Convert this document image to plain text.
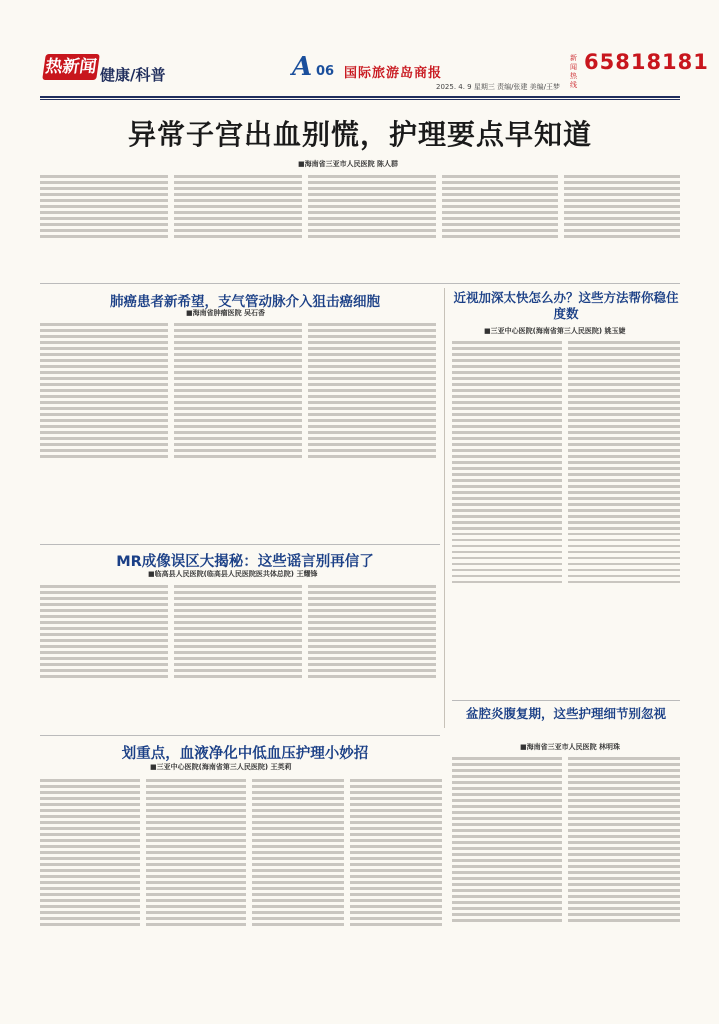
热新闻 健康/科普	A 06 国际旅游岛商报
新闻热线
65818181
2025. 4. 9 星期三 责编/张建 美编/王梦
异常子宫出血别慌，护理要点早知道
■海南省三亚市人民医院 陈人群
肺癌患者新希望，支气管动脉介入狙击癌细胞
■海南省肿瘤医院 吴石香
近视加深太快怎么办？这些方法帮你稳住度数
■三亚中心医院(海南省第三人民医院) 姚玉婕
MR成像误区大揭秘：这些谣言别再信了
■临高县人民医院(临高县人民医院医共体总院) 王耀锋
盆腔炎腹复期，这些护理细节别忽视
■海南省三亚市人民医院 林明珠
划重点，血液净化中低血压护理小妙招
■三亚中心医院(海南省第三人民医院) 王英莉
